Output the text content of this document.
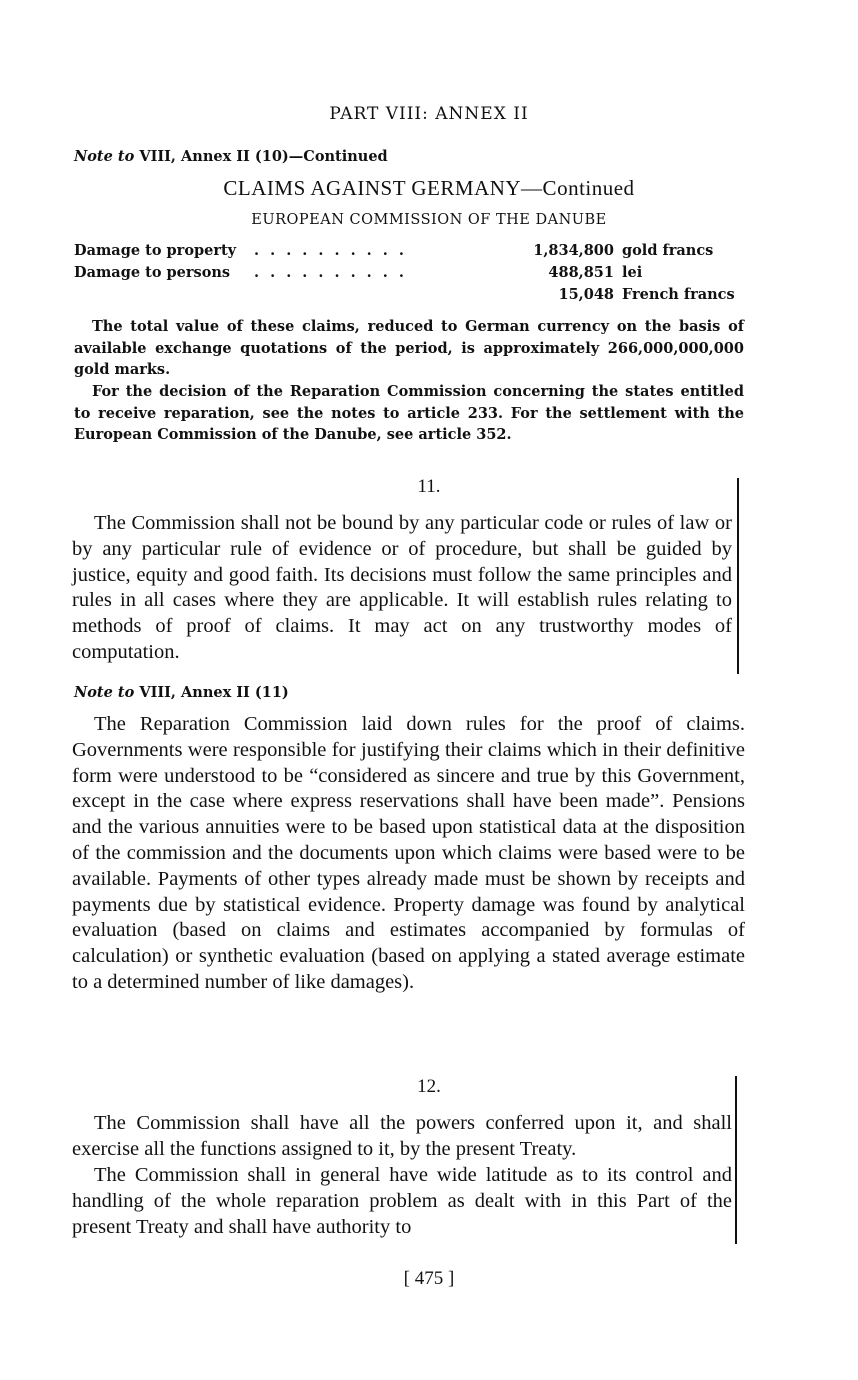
PART VIII: ANNEX II
Note to VIII, Annex II (10)—Continued
CLAIMS AGAINST GERMANY—Continued
EUROPEAN COMMISSION OF THE DANUBE
Damage to property . . . . . . . . . .	1,834,800 gold francs
Damage to persons . . . . . . . . . .	488,851 lei
15,048 French francs

The total value of these claims, reduced to German currency on the basis of available exchange quotations of the period, is approximately 266,000,000,000 gold marks.

For the decision of the Reparation Commission concerning the states entitled to receive reparation, see the notes to article 233. For the settlement with the European Commission of the Danube, see article 352.

11.

The Commission shall not be bound by any particular code or rules of law or by any particular rule of evidence or of procedure, but shall be guided by justice, equity and good faith. Its decisions must follow the same principles and rules in all cases where they are applicable. It will establish rules relating to methods of proof of claims. It may act on any trustworthy modes of computation.

Note to VIII, Annex II (11)

The Reparation Commission laid down rules for the proof of claims. Governments were responsible for justifying their claims which in their definitive form were understood to be “considered as sincere and true by this Government, except in the case where express reservations shall have been made”. Pensions and the various annuities were to be based upon statistical data at the disposition of the commission and the documents upon which claims were based were to be available. Payments of other types already made must be shown by receipts and payments due by statistical evidence. Property damage was found by analytical evaluation (based on claims and estimates accompanied by formulas of calculation) or synthetic evaluation (based on applying a stated average estimate to a determined number of like damages).

12.

The Commission shall have all the powers conferred upon it, and shall exercise all the functions assigned to it, by the present Treaty.

The Commission shall in general have wide latitude as to its control and handling of the whole reparation problem as dealt with in this Part of the present Treaty and shall have authority to

[ 475 ]
